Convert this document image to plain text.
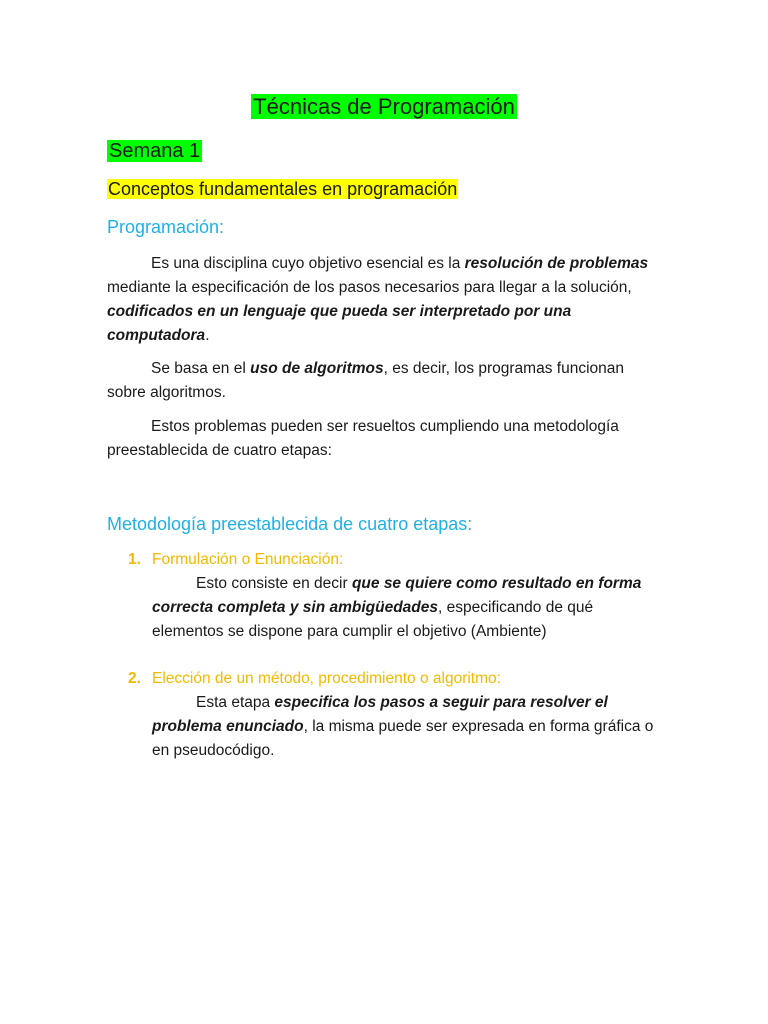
Técnicas de Programación
Semana 1
Conceptos fundamentales en programación
Programación:

Es una disciplina cuyo objetivo esencial es la resolución de problemas mediante la especificación de los pasos necesarios para llegar a la solución, codificados en un lenguaje que pueda ser interpretado por una computadora.

Se basa en el uso de algoritmos, es decir, los programas funcionan sobre algoritmos.

Estos problemas pueden ser resueltos cumpliendo una metodología preestablecida de cuatro etapas:

Metodología preestablecida de cuatro etapas:

1. Formulación o Enunciación:

Esto consiste en decir que se quiere como resultado en forma correcta completa y sin ambigüedades, especificando de qué elementos se dispone para cumplir el objetivo (Ambiente)

2. Elección de un método, procedimiento o algoritmo:

Esta etapa especifica los pasos a seguir para resolver el problema enunciado, la misma puede ser expresada en forma gráfica o en pseudocódigo.
